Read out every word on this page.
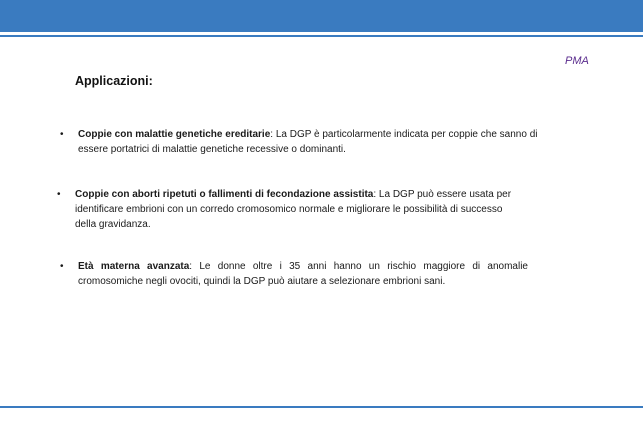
PMA
Applicazioni:
• Coppie con malattie genetiche ereditarie: La DGP è particolarmente indicata per coppie che sanno di essere portatrici di malattie genetiche recessive o dominanti.
• Coppie con aborti ripetuti o fallimenti di fecondazione assistita: La DGP può essere usata per identificare embrioni con un corredo cromosomico normale e migliorare le possibilità di successo della gravidanza.
• Età materna avanzata: Le donne oltre i 35 anni hanno un rischio maggiore di anomalie cromosomiche negli ovociti, quindi la DGP può aiutare a selezionare embrioni sani.
